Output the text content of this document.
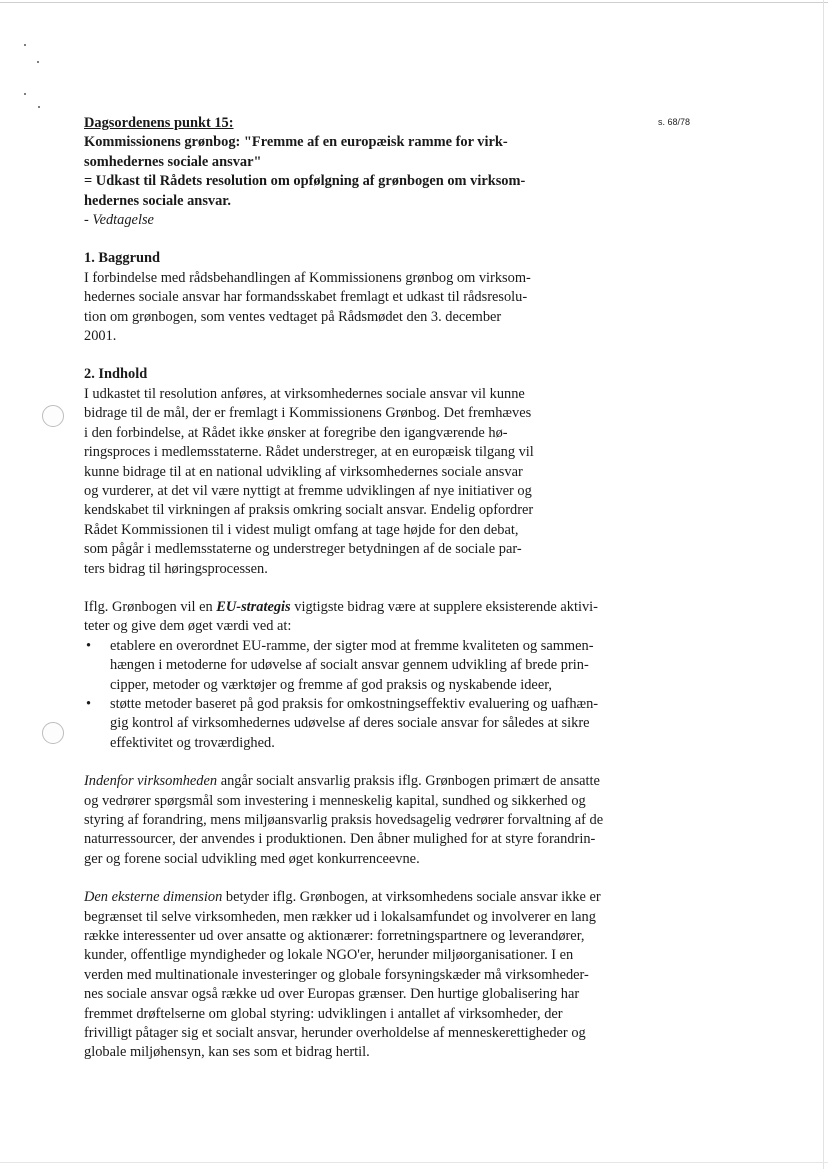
s. 68/78

Dagsordenens punkt 15:

Kommissionens grønbog: "Fremme af en europæisk ramme for virk-

somhedernes sociale ansvar"

= Udkast til Rådets resolution om opfølgning af grønbogen om virksom-

hedernes sociale ansvar.

- Vedtagelse

1. Baggrund

I forbindelse med rådsbehandlingen af Kommissionens grønbog om virksom-

hedernes sociale ansvar har formandsskabet fremlagt et udkast til rådsresolu-

tion om grønbogen, som ventes vedtaget på Rådsmødet den 3. december

2001.

2. Indhold

I udkastet til resolution anføres, at virksomhedernes sociale ansvar vil kunne

bidrage til de mål, der er fremlagt i Kommissionens Grønbog. Det fremhæves

i den forbindelse, at Rådet ikke ønsker at foregribe den igangværende hø-

ringsproces i medlemsstaterne. Rådet understreger, at en europæisk tilgang vil

kunne bidrage til at en national udvikling af virksomhedernes sociale ansvar

og vurderer, at det vil være nyttigt at fremme udviklingen af nye initiativer og

kendskabet til virkningen af praksis omkring socialt ansvar. Endelig opfordrer

Rådet Kommissionen til i videst muligt omfang at tage højde for den debat,

som pågår i medlemsstaterne og understreger betydningen af de sociale par-

ters bidrag til høringsprocessen.

Iflg. Grønbogen vil en EU-strategis vigtigste bidrag være at supplere eksisterende aktivi-

teter og give dem øget værdi ved at:

• etablere en overordnet EU-ramme, der sigter mod at fremme kvaliteten og sammen-

hængen i metoderne for udøvelse af socialt ansvar gennem udvikling af brede prin-

cipper, metoder og værktøjer og fremme af god praksis og nyskabende ideer,

• støtte metoder baseret på god praksis for omkostningseffektiv evaluering og uafhæn-

gig kontrol af virksomhedernes udøvelse af deres sociale ansvar for således at sikre

effektivitet og troværdighed.

Indenfor virksomheden angår socialt ansvarlig praksis iflg. Grønbogen primært de ansatte

og vedrører spørgsmål som investering i menneskelig kapital, sundhed og sikkerhed og

styring af forandring, mens miljøansvarlig praksis hovedsagelig vedrører forvaltning af de

naturressourcer, der anvendes i produktionen. Den åbner mulighed for at styre forandrin-

ger og forene social udvikling med øget konkurrenceevne.

Den eksterne dimension betyder iflg. Grønbogen, at virksomhedens sociale ansvar ikke er

begrænset til selve virksomheden, men rækker ud i lokalsamfundet og involverer en lang

række interessenter ud over ansatte og aktionærer: forretningspartnere og leverandører,

kunder, offentlige myndigheder og lokale NGO'er, herunder miljøorganisationer. I en

verden med multinationale investeringer og globale forsyningskæder må virksomheder-

nes sociale ansvar også række ud over Europas grænser. Den hurtige globalisering har

fremmet drøftelserne om global styring: udviklingen i antallet af virksomheder, der

frivilligt påtager sig et socialt ansvar, herunder overholdelse af menneskerettigheder og

globale miljøhensyn, kan ses som et bidrag hertil.
